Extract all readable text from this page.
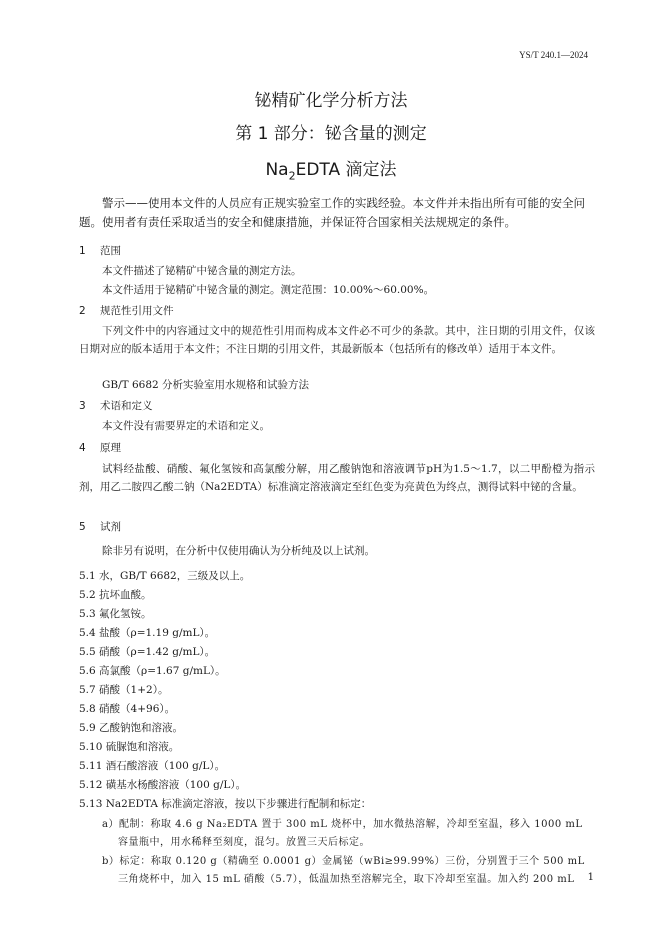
YS/T 240.1—2024
铋精矿化学分析方法
第 1 部分：铋含量的测定
$Na_2EDTA$ 滴定法
警示——使用本文件的人员应有正规实验室工作的实践经验。本文件并未指出所有可能的安全问题。使用者有责任采取适当的安全和健康措施，并保证符合国家相关法规规定的条件。
1 范围
本文件描述了铋精矿中铋含量的测定方法。
本文件适用于铋精矿中铋含量的测定。测定范围：10.00%～60.00%。
2 规范性引用文件
下列文件中的内容通过文中的规范性引用而构成本文件必不可少的条款。其中，注日期的引用文件，仅该日期对应的版本适用于本文件；不注日期的引用文件，其最新版本（包括所有的修改单）适用于本文件。
GB/T 6682 分析实验室用水规格和试验方法
3 术语和定义
本文件没有需要界定的术语和定义。
4 原理
试料经盐酸、硝酸、氟化氢铵和高氯酸分解，用乙酸钠饱和溶液调节pH为1.5～1.7，以二甲酚橙为指示剂，用乙二胺四乙酸二钠（Na2EDTA）标准滴定溶液滴定至红色变为亮黄色为终点，测得试料中铋的含量。
5 试剂
除非另有说明，在分析中仅使用确认为分析纯及以上试剂。
5.1 水，GB/T 6682，三级及以上。
5.2 抗坏血酸。
5.3 氟化氢铵。
5.4 盐酸（ρ=1.19 g/mL）。
5.5 硝酸（ρ=1.42 g/mL）。
5.6 高氯酸（ρ=1.67 g/mL）。
5.7 硝酸（1+2）。
5.8 硝酸（4+96）。
5.9 乙酸钠饱和溶液。
5.10 硫脲饱和溶液。
5.11 酒石酸溶液（100 g/L）。
5.12 磺基水杨酸溶液（100 g/L）。
5.13 Na2EDTA 标准滴定溶液，按以下步骤进行配制和标定：
a）配制：称取 4.6 g Na₂EDTA 置于 300 mL 烧杯中，加水微热溶解，冷却至室温，移入 1000 mL
容量瓶中，用水稀释至刻度，混匀。放置三天后标定。
b）标定：称取 0.120 g（精确至 0.0001 g）金属铋（wBi≥99.99%）三份，分别置于三个 500 mL
三角烧杯中，加入 15 mL 硝酸（5.7），低温加热至溶解完全，取下冷却至室温。加入约 200 mL 1
